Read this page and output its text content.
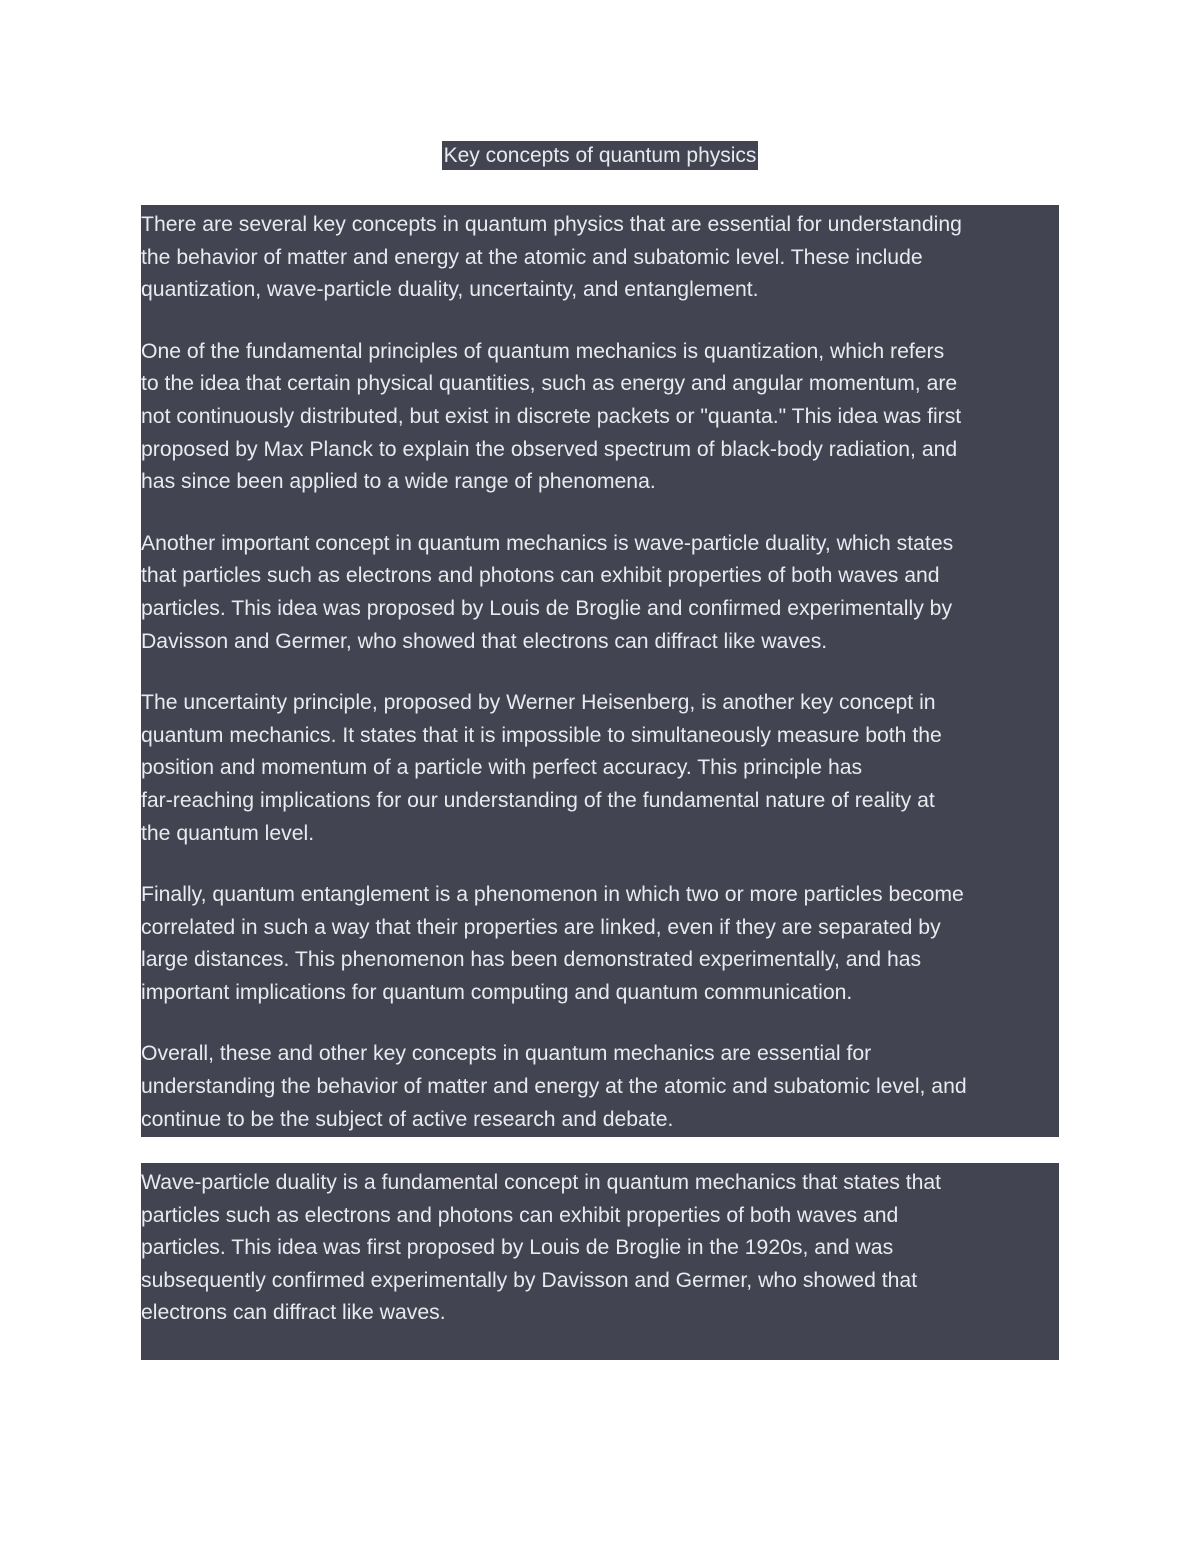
Key concepts of quantum physics
There are several key concepts in quantum physics that are essential for understanding
the behavior of matter and energy at the atomic and subatomic level. These include
quantization, wave-particle duality, uncertainty, and entanglement.
One of the fundamental principles of quantum mechanics is quantization, which refers
to the idea that certain physical quantities, such as energy and angular momentum, are
not continuously distributed, but exist in discrete packets or "quanta." This idea was first
proposed by Max Planck to explain the observed spectrum of black-body radiation, and
has since been applied to a wide range of phenomena.
Another important concept in quantum mechanics is wave-particle duality, which states
that particles such as electrons and photons can exhibit properties of both waves and
particles. This idea was proposed by Louis de Broglie and confirmed experimentally by
Davisson and Germer, who showed that electrons can diffract like waves.
The uncertainty principle, proposed by Werner Heisenberg, is another key concept in
quantum mechanics. It states that it is impossible to simultaneously measure both the
position and momentum of a particle with perfect accuracy. This principle has
far-reaching implications for our understanding of the fundamental nature of reality at
the quantum level.
Finally, quantum entanglement is a phenomenon in which two or more particles become
correlated in such a way that their properties are linked, even if they are separated by
large distances. This phenomenon has been demonstrated experimentally, and has
important implications for quantum computing and quantum communication.
Overall, these and other key concepts in quantum mechanics are essential for
understanding the behavior of matter and energy at the atomic and subatomic level, and
continue to be the subject of active research and debate.
Wave-particle duality is a fundamental concept in quantum mechanics that states that
particles such as electrons and photons can exhibit properties of both waves and
particles. This idea was first proposed by Louis de Broglie in the 1920s, and was
subsequently confirmed experimentally by Davisson and Germer, who showed that
electrons can diffract like waves.
